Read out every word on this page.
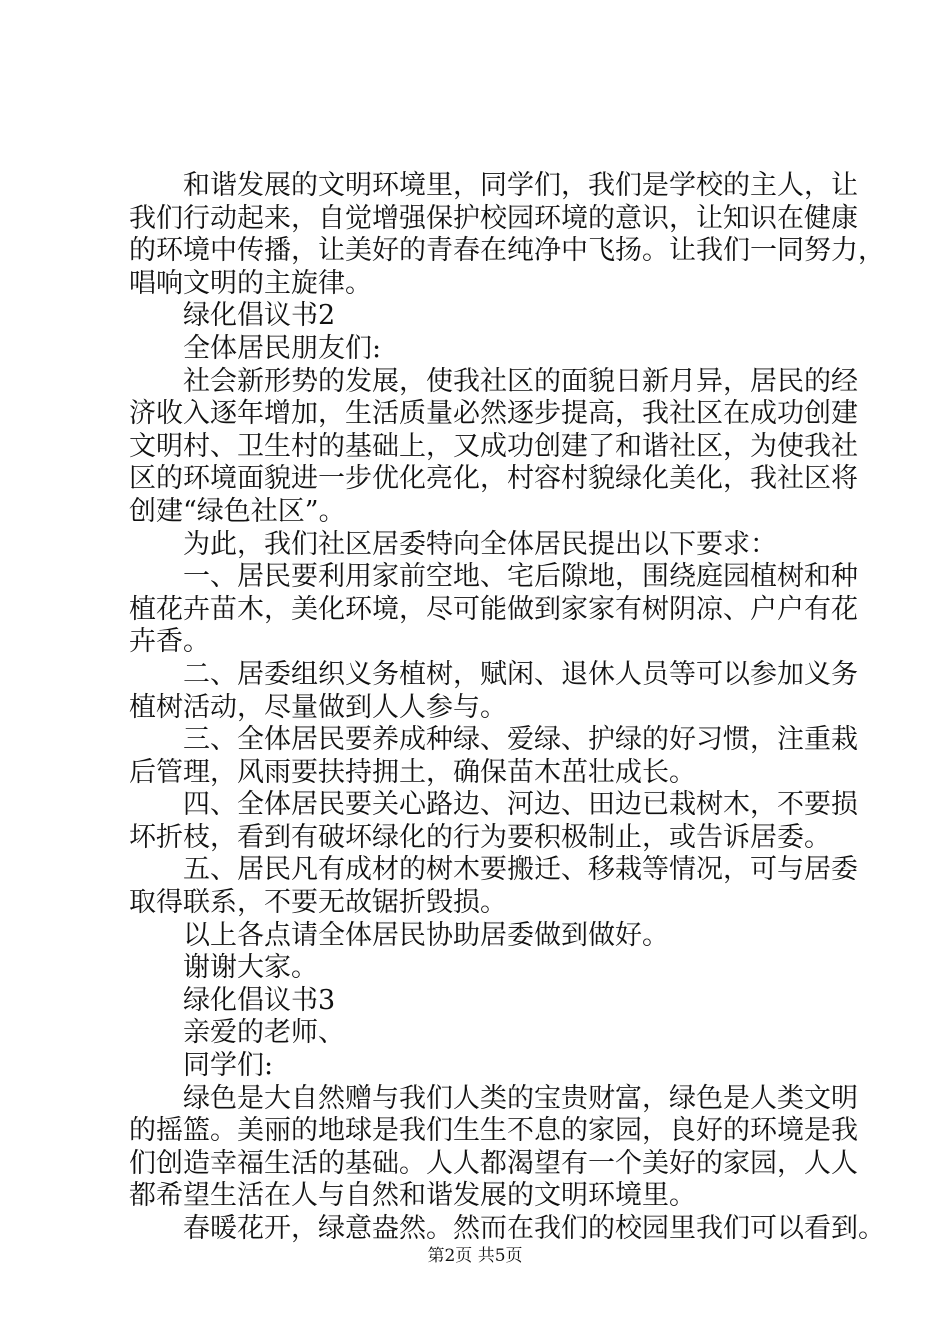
和谐发展的文明环境里，同学们，我们是学校的主人，让
我们行动起来，自觉增强保护校园环境的意识，让知识在健康
的环境中传播，让美好的青春在纯净中飞扬。让我们一同努力，
唱响文明的主旋律。
绿化倡议书2
全体居民朋友们:
社会新形势的发展，使我社区的面貌日新月异，居民的经
济收入逐年增加，生活质量必然逐步提高，我社区在成功创建
文明村、卫生村的基础上，又成功创建了和谐社区，为使我社
区的环境面貌进一步优化亮化，村容村貌绿化美化，我社区将
创建“绿色社区”。
为此，我们社区居委特向全体居民提出以下要求：
一、居民要利用家前空地、宅后隙地，围绕庭园植树和种
植花卉苗木，美化环境，尽可能做到家家有树阴凉、户户有花
卉香。
二、居委组织义务植树，赋闲、退休人员等可以参加义务
植树活动，尽量做到人人参与。
三、全体居民要养成种绿、爱绿、护绿的好习惯，注重栽
后管理，风雨要扶持拥土，确保苗木茁壮成长。
四、全体居民要关心路边、河边、田边已栽树木，不要损
坏折枝，看到有破坏绿化的行为要积极制止，或告诉居委。
五、居民凡有成材的树木要搬迁、移栽等情况，可与居委
取得联系，不要无故锯折毁损。
以上各点请全体居民协助居委做到做好。
谢谢大家。
绿化倡议书3
亲爱的老师、
同学们:
绿色是大自然赠与我们人类的宝贵财富，绿色是人类文明
的摇篮。美丽的地球是我们生生不息的家园，良好的环境是我
们创造幸福生活的基础。人人都渴望有一个美好的家园，人人
都希望生活在人与自然和谐发展的文明环境里。
春暖花开，绿意盎然。然而在我们的校园里我们可以看到。
第2页 共5页
